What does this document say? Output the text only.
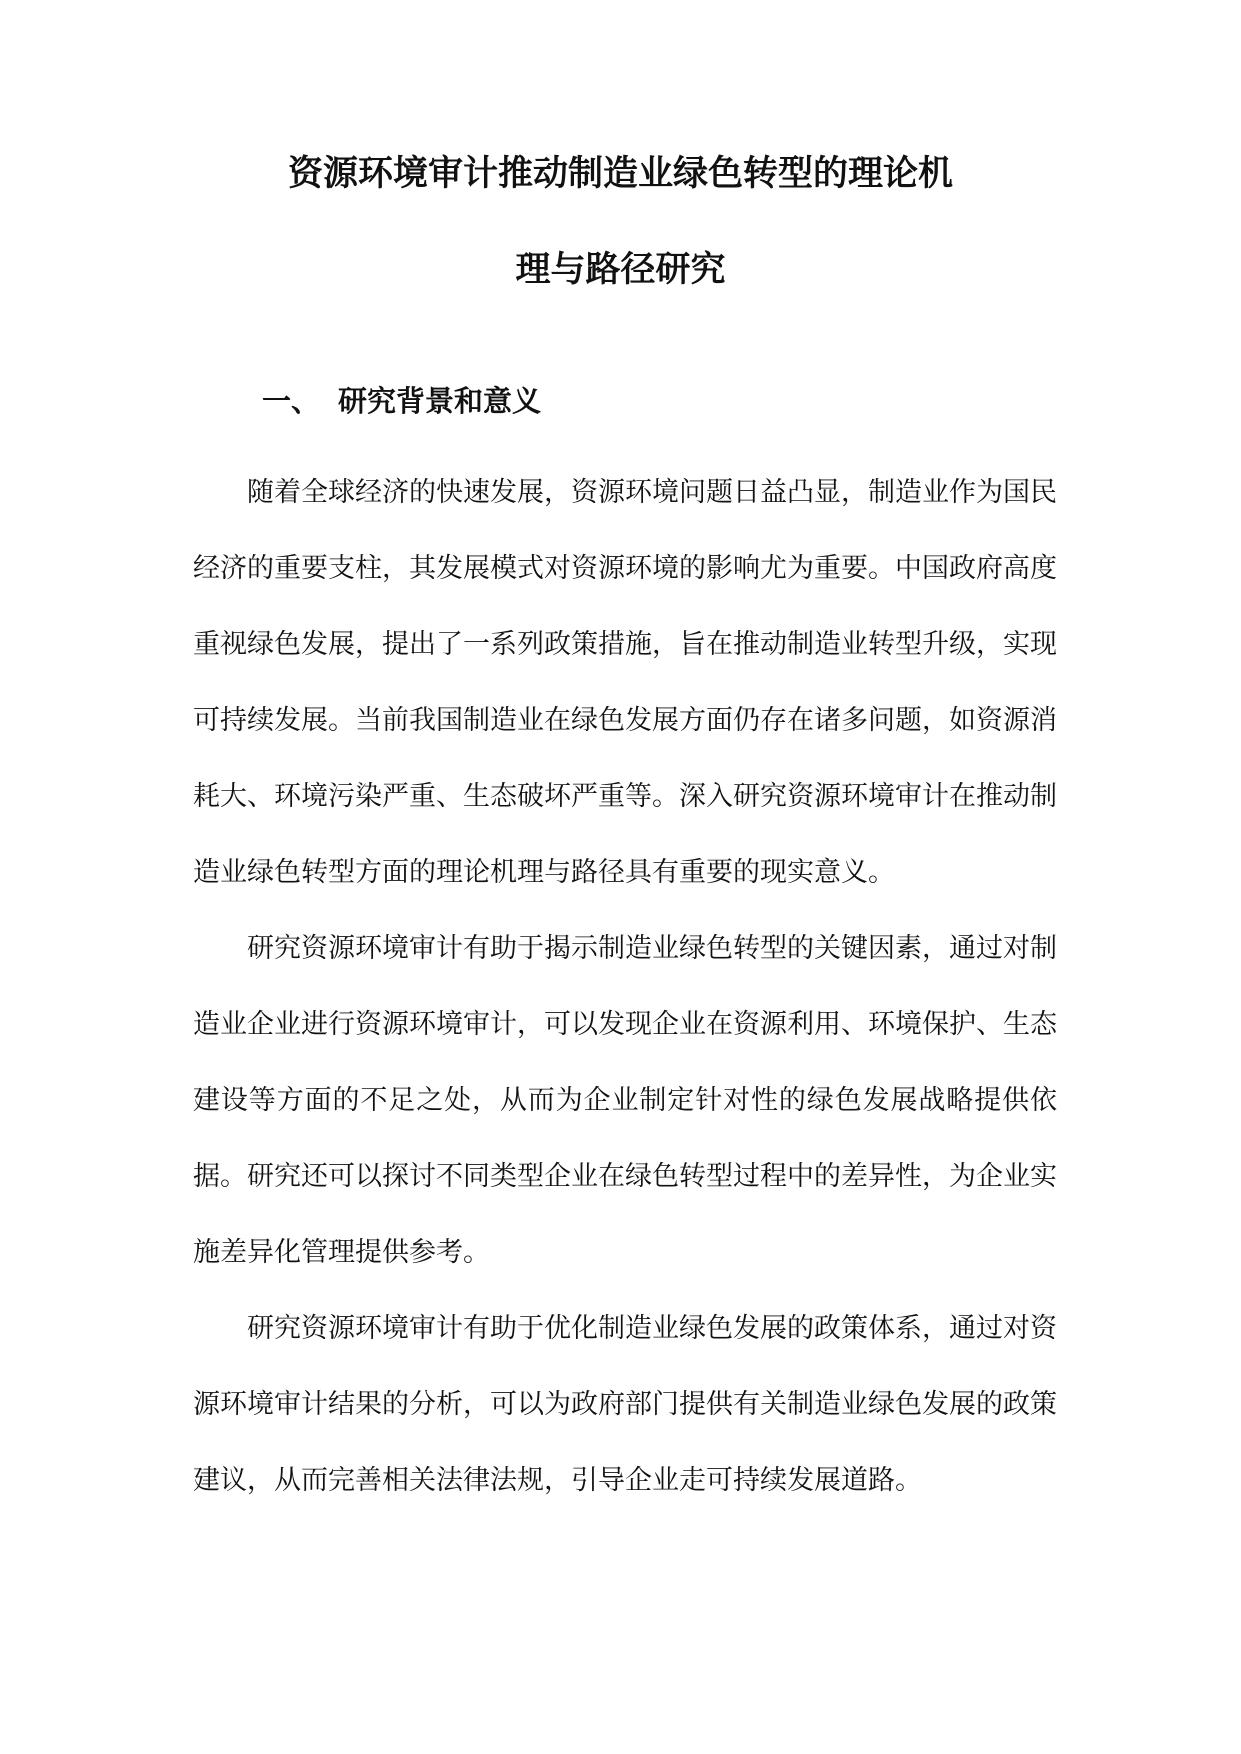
资源环境审计推动制造业绿色转型的理论机
理与路径研究
一、 研究背景和意义

随着全球经济的快速发展，资源环境问题日益凸显，制造业作为国民经济的重要支柱，其发展模式对资源环境的影响尤为重要。中国政府高度重视绿色发展，提出了一系列政策措施，旨在推动制造业转型升级，实现可持续发展。当前我国制造业在绿色发展方面仍存在诸多问题，如资源消耗大、环境污染严重、生态破坏严重等。深入研究资源环境审计在推动制造业绿色转型方面的理论机理与路径具有重要的现实意义。

研究资源环境审计有助于揭示制造业绿色转型的关键因素，通过对制造业企业进行资源环境审计，可以发现企业在资源利用、环境保护、生态建设等方面的不足之处，从而为企业制定针对性的绿色发展战略提供依据。研究还可以探讨不同类型企业在绿色转型过程中的差异性，为企业实施差异化管理提供参考。

研究资源环境审计有助于优化制造业绿色发展的政策体系，通过对资源环境审计结果的分析，可以为政府部门提供有关制造业绿色发展的政策建议，从而完善相关法律法规，引导企业走可持续发展道路。
